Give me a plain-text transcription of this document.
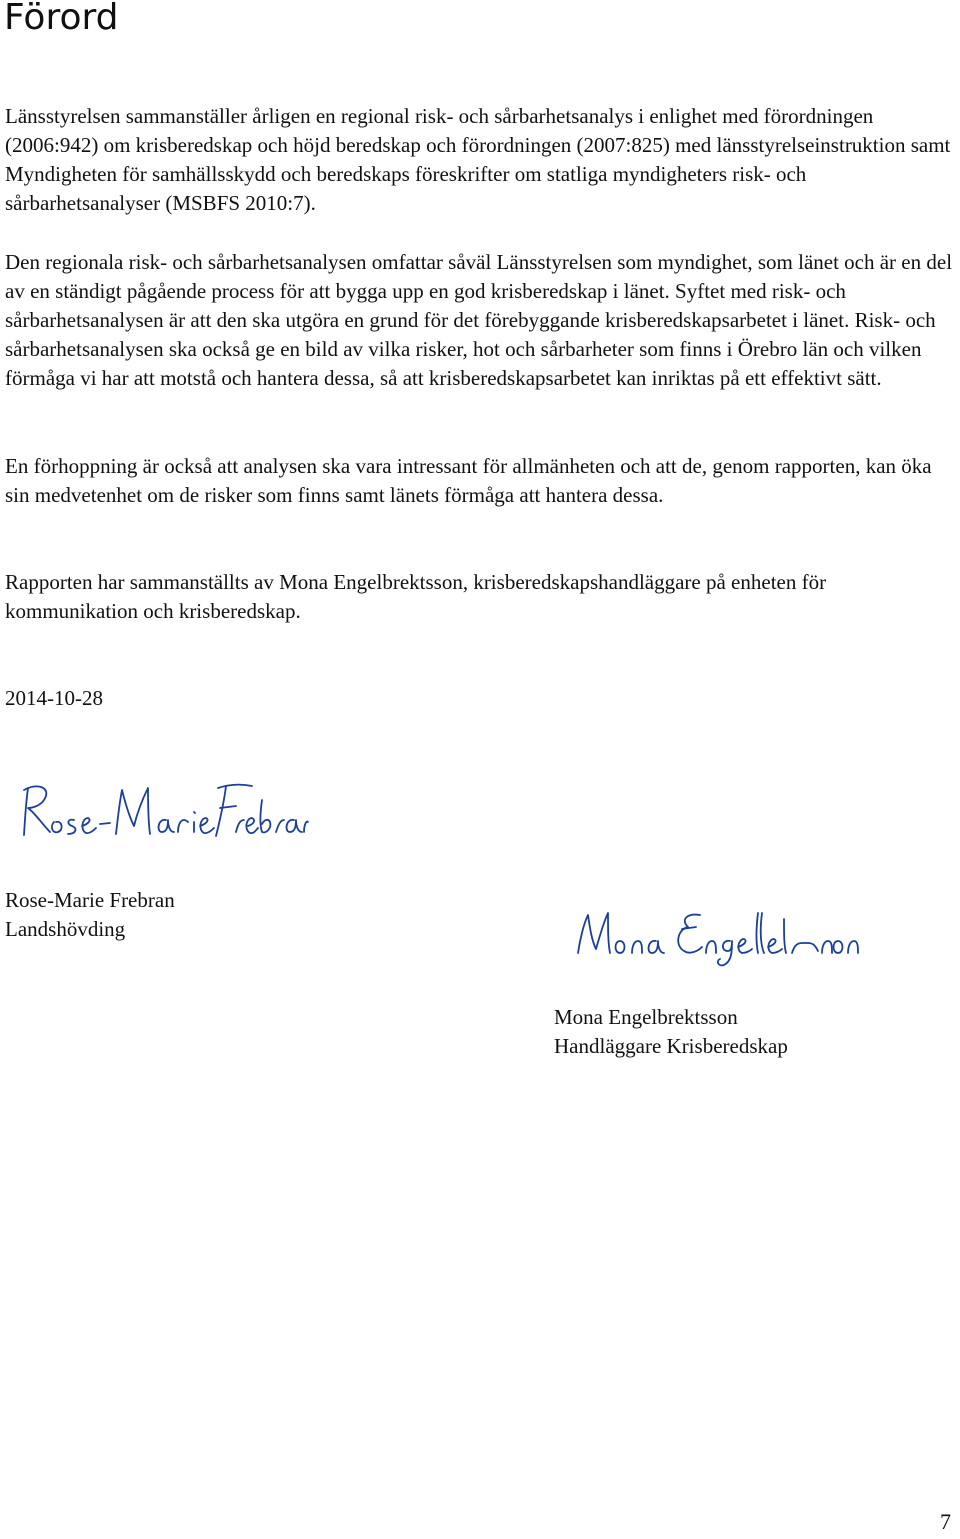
Förord

Länsstyrelsen sammanställer årligen en regional risk- och sårbarhetsanalys i enlighet med förordningen (2006:942) om krisberedskap och höjd beredskap och förordningen (2007:825) med länsstyrelseinstruktion samt Myndigheten för samhällsskydd och beredskaps föreskrifter om statliga myndigheters risk- och sårbarhetsanalyser (MSBFS 2010:7).

Den regionala risk- och sårbarhetsanalysen omfattar såväl Länsstyrelsen som myndighet, som länet och är en del av en ständigt pågående process för att bygga upp en god krisberedskap i länet. Syftet med risk- och sårbarhetsanalysen är att den ska utgöra en grund för det förebyggande krisberedskapsarbetet i länet. Risk- och sårbarhetsanalysen ska också ge en bild av vilka risker, hot och sårbarheter som finns i Örebro län och vilken förmåga vi har att motstå och hantera dessa, så att krisberedskapsarbetet kan inriktas på ett effektivt sätt.

En förhoppning är också att analysen ska vara intressant för allmänheten och att de, genom rapporten, kan öka sin medvetenhet om de risker som finns samt länets förmåga att hantera dessa.

Rapporten har sammanställts av Mona Engelbrektsson, krisberedskapshandläggare på enheten för kommunikation och krisberedskap.

2014-10-28

Rose-Marie Frebran
Landshövding
Mona Engelbrektsson
Handläggare Krisberedskap

7
